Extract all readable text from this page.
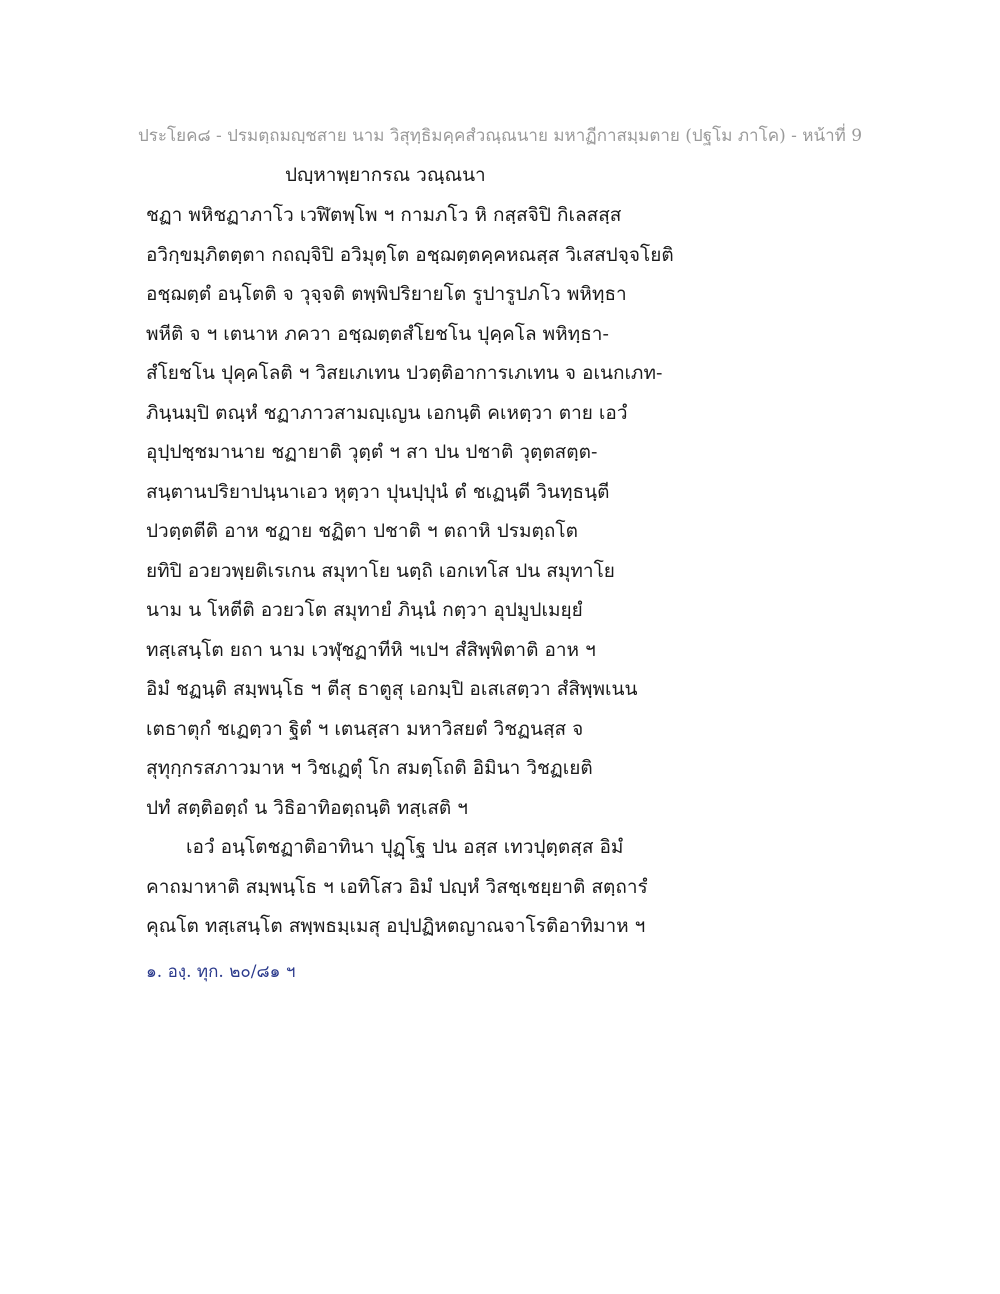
ประโยค๘ - ปรมตฺถมญฺชสาย นาม วิสุทฺธิมคฺคสํวณฺณนาย มหาฏีกาสมฺมตาย (ปฐโม ภาโค) - หน้าที่ 9
ปญฺหาพฺยากรณ วณฺณนา
ชฏา พหิชฏาภาโว เวฬิตพฺโพ ฯ กามภโว หิ กสฺสจิปิ กิเลสสฺส
อวิกฺขมฺภิตตฺตา กถญฺจิปิ อวิมุตฺโต อชฺฌตฺตคฺคหณสฺส วิเสสปจฺจโยติ
อชฺฌตฺตํ อนฺโตติ จ วุจฺจติ ตพฺพิปริยายโต รูปารูปภโว พหิทฺธา
พหีติ จ ฯ เตนาห ภควา อชฺฌตฺตสํโยชโน ปุคฺคโล พหิทฺธา-
สํโยชโน ปุคฺคโลติ ฯ วิสยเภเทน ปวตฺติอาการเภเทน จ อเนกเภท-
ภินฺนมฺปิ ตณฺหํ ชฏาภาวสามญฺเญน เอกนฺติ คเหตฺวา ตาย เอวํ
อุปฺปชฺชมานาย ชฏายาติ วุตฺตํ ฯ สา ปน ปชาติ วุตฺตสตฺต-
สนฺตานปริยาปนฺนาเอว หุตฺวา ปุนปฺปุนํ ตํ ชเฏนฺตี วินทฺธนฺตี
ปวตฺตตีติ อาห ชฏาย ชฏิตา ปชาติ ฯ ตถาหิ ปรมตฺถโต
ยทิปิ อวยวพฺยติเรเกน สมุทาโย นตฺถิ เอกเทโส ปน สมุทาโย
นาม น โหตีติ อวยวโต สมุทายํ ภินฺนํ กตฺวา อุปมูปเมยฺยํ
ทสฺเสนฺโต ยถา นาม เวฬุชฏาทีหิ ฯเปฯ สํสิพฺพิตาติ อาห ฯ
อิมํ ชฏนฺติ สมฺพนฺโธ ฯ ตีสุ ธาตูสุ เอกมฺปิ อเสเสตฺวา สํสิพฺพเนน
เตธาตุกํ ชเฏตฺวา ฐิตํ ฯ เตนสฺสา มหาวิสยตํ วิชฏนสฺส จ
สุทุกฺกรสภาวมาห ฯ วิชเฏตุํ โก สมตฺโถติ อิมินา วิชฏเยติ
ปทํ สตฺติอตฺถํ น วิธิอาทิอตฺถนฺติ ทสฺเสติ ฯ
เอวํ อนฺโตชฏาติอาทินา ปุฏฺโฐ ปน อสฺส เทวปุตฺตสฺส อิมํ
คาถมาหาติ สมฺพนฺโธ ฯ เอทิโสว อิมํ ปญฺหํ วิสชฺเชยฺยาติ สตฺถารํ
คุณโต ทสฺเสนฺโต สพฺพธมฺเมสุ อปฺปฏิหตญาณจาโรติอาทิมาห ฯ
๑. องฺ. ทุก. ๒๐/๘๑ ฯ
